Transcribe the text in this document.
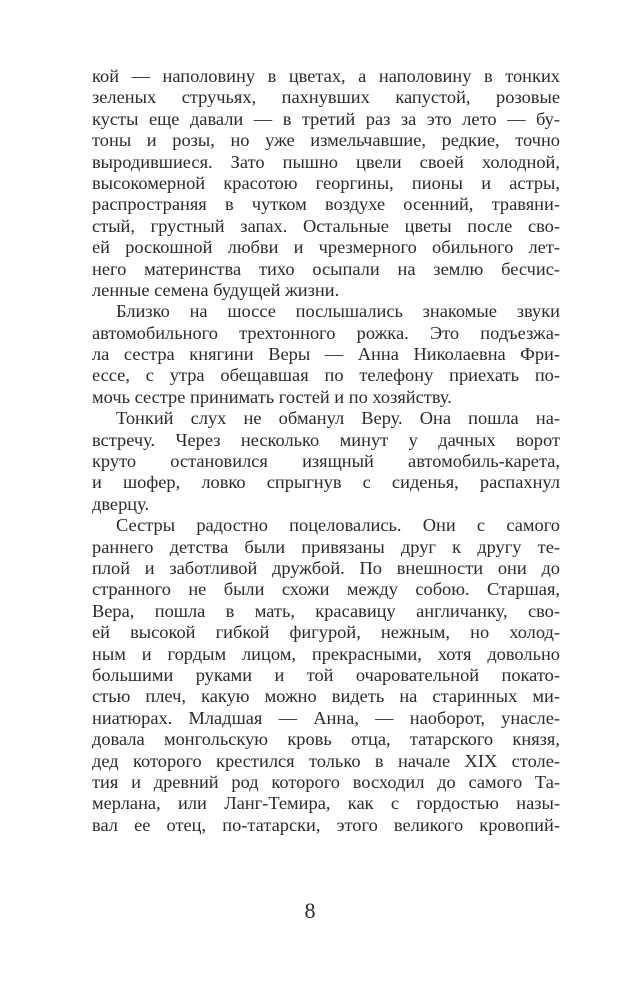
кой — наполовину в цветах, а наполовину в тонких
зеленых стручьях, пахнувших капустой, розовые
кусты еще давали — в третий раз за это лето — бу-
тоны и розы, но уже измельчавшие, редкие, точно
выродившиеся. Зато пышно цвели своей холодной,
высокомерной красотою георгины, пионы и астры,
распространяя в чутком воздухе осенний, травяни-
стый, грустный запах. Остальные цветы после сво-
ей роскошной любви и чрезмерного обильного лет-
него материнства тихо осыпали на землю бесчис-
ленные семена будущей жизни.
Близко на шоссе послышались знакомые звуки
автомобильного трехтонного рожка. Это подъезжа-
ла сестра княгини Веры — Анна Николаевна Фри-
ессе, с утра обещавшая по телефону приехать по-
мочь сестре принимать гостей и по хозяйству.
Тонкий слух не обманул Веру. Она пошла на-
встречу. Через несколько минут у дачных ворот
круто остановился изящный автомобиль-карета,
и шофер, ловко спрыгнув с сиденья, распахнул
дверцу.
Сестры радостно поцеловались. Они с самого
раннего детства были привязаны друг к другу те-
плой и заботливой дружбой. По внешности они до
странного не были схожи между собою. Старшая,
Вера, пошла в мать, красавицу англичанку, сво-
ей высокой гибкой фигурой, нежным, но холод-
ным и гордым лицом, прекрасными, хотя довольно
большими руками и той очаровательной покато-
стью плеч, какую можно видеть на старинных ми-
ниатюрах. Младшая — Анна, — наоборот, унасле-
довала монгольскую кровь отца, татарского князя,
дед которого крестился только в начале XIX столе-
тия и древний род которого восходил до самого Та-
мерлана, или Ланг-Темира, как с гордостью назы-
вал ее отец, по-татарски, этого великого кровопий-
8
